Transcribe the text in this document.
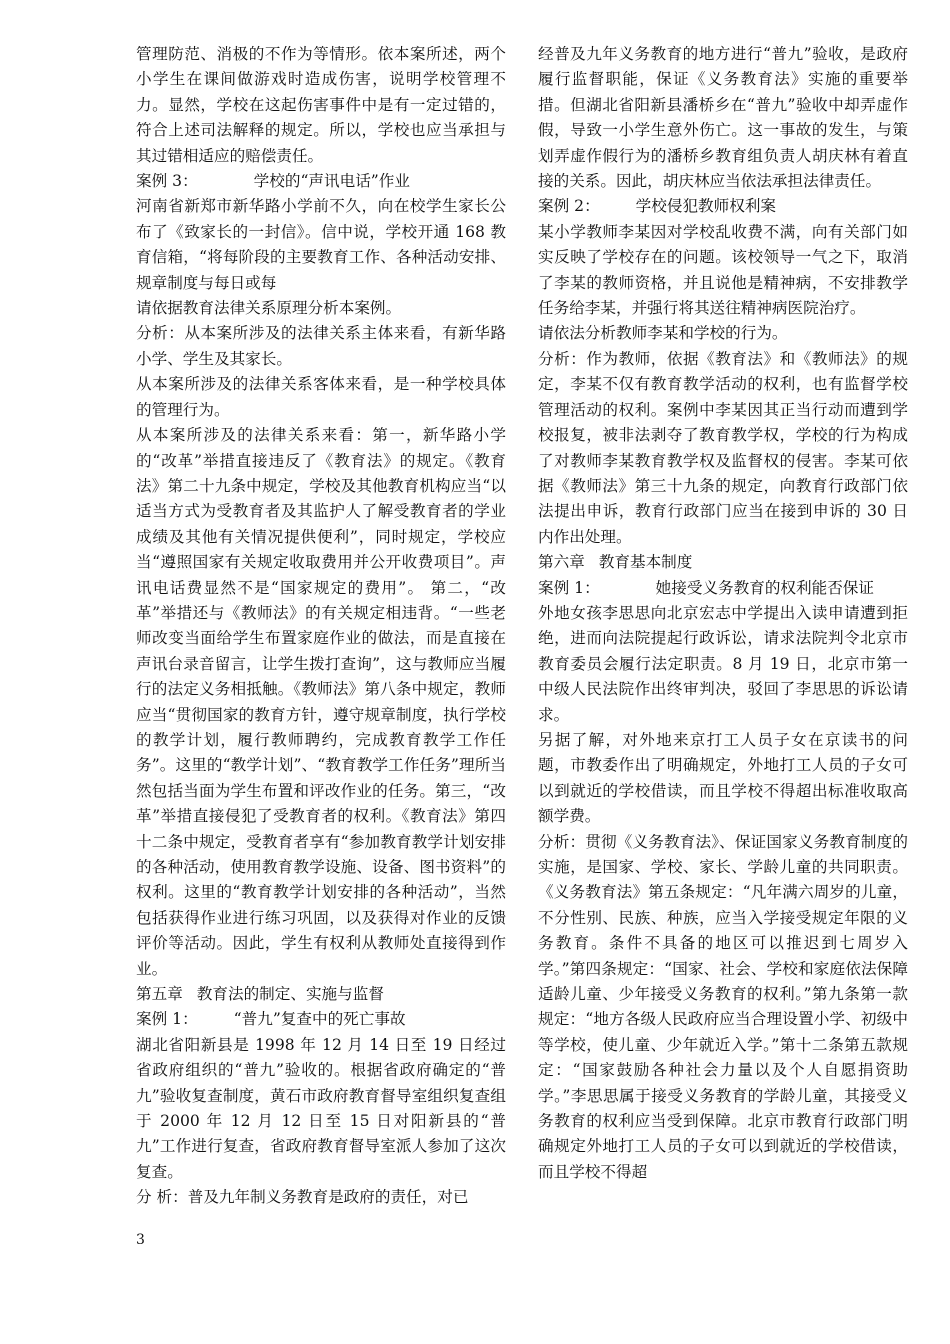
管理防范、消极的不作为等情形。依本案所述，两个小学生在课间做游戏时造成伤害，说明学校管理不力。显然，学校在这起伤害事件中是有一定过错的，符合上述司法解释的规定。所以，学校也应当承担与其过错相适应的赔偿责任。

案例 3：	学校的“声讯电话”作业

河南省新郑市新华路小学前不久，向在校学生家长公布了《致家长的一封信》。信中说，学校开通 168 教育信箱，“将每阶段的主要教育工作、各种活动安排、规章制度与每日或每

请依据教育法律关系原理分析本案例。

分析：从本案所涉及的法律关系主体来看，有新华路小学、学生及其家长。

从本案所涉及的法律关系客体来看，是一种学校具体的管理行为。

从本案所涉及的法律关系来看：第一，新华路小学的“改革”举措直接违反了《教育法》的规定。《教育法》第二十九条中规定，学校及其他教育机构应当“以适当方式为受教育者及其监护人了解受教育者的学业成绩及其他有关情况提供便利”，同时规定，学校应当“遵照国家有关规定收取费用并公开收费项目”。声讯电话费显然不是“国家规定的费用”。 第二，“改革”举措还与《教师法》的有关规定相违背。“一些老师改变当面给学生布置家庭作业的做法，而是直接在声讯台录音留言，让学生拨打查询”，这与教师应当履行的法定义务相抵触。《教师法》第八条中规定，教师应当“贯彻国家的教育方针，遵守规章制度，执行学校的教学计划，履行教师聘约，完成教育教学工作任务”。这里的“教学计划”、“教育教学工作任务”理所当然包括当面为学生布置和评改作业的任务。第三，“改革”举措直接侵犯了受教育者的权利。《教育法》第四十二条中规定，受教育者享有“参加教育教学计划安排的各种活动，使用教育教学设施、设备、图书资料”的权利。这里的“教育教学计划安排的各种活动”，当然包括获得作业进行练习巩固，以及获得对作业的反馈评价等活动。因此，学生有权利从教师处直接得到作业。

第五章 教育法的制定、实施与监督

案例 1： “普九”复查中的死亡事故

湖北省阳新县是 1998 年 12 月 14 日至 19 日经过省政府组织的“普九”验收的。根据省政府确定的“普九”验收复查制度，黄石市政府教育督导室组织复查组于 2000 年 12 月 12 日至 15 日对阳新县的“普九”工作进行复查，省政府教育督导室派人参加了这次复查。

分 析：普及九年制义务教育是政府的责任，对已

经普及九年义务教育的地方进行“普九”验收，是政府履行监督职能，保证《义务教育法》实施的重要举措。但湖北省阳新县潘桥乡在“普九”验收中却弄虚作假，导致一小学生意外伤亡。这一事故的发生，与策划弄虚作假行为的潘桥乡教育组负责人胡庆林有着直接的关系。因此，胡庆林应当依法承担法律责任。

案例 2： 学校侵犯教师权利案

某小学教师李某因对学校乱收费不满，向有关部门如实反映了学校存在的问题。该校领导一气之下，取消了李某的教师资格，并且说他是精神病，不安排教学任务给李某，并强行将其送往精神病医院治疗。

请依法分析教师李某和学校的行为。

分析：作为教师，依据《教育法》和《教师法》的规定，李某不仅有教育教学活动的权利，也有监督学校管理活动的权利。案例中李某因其正当行动而遭到学校报复，被非法剥夺了教育教学权，学校的行为构成了对教师李某教育教学权及监督权的侵害。李某可依据《教师法》第三十九条的规定，向教育行政部门依法提出申诉，教育行政部门应当在接到申诉的 30 日内作出处理。

第六章 教育基本制度

案例 1：	她接受义务教育的权利能否保证

外地女孩李思思向北京宏志中学提出入读申请遭到拒绝，进而向法院提起行政诉讼，请求法院判令北京市教育委员会履行法定职责。8 月 19 日，北京市第一中级人民法院作出终审判决，驳回了李思思的诉讼请求。

另据了解，对外地来京打工人员子女在京读书的问题，市教委作出了明确规定，外地打工人员的子女可以到就近的学校借读，而且学校不得超出标准收取高额学费。

分析：贯彻《义务教育法》、保证国家义务教育制度的实施，是国家、学校、家长、学龄儿童的共同职责。《义务教育法》第五条规定：“凡年满六周岁的儿童，不分性别、民族、种族，应当入学接受规定年限的义务教育。条件不具备的地区可以推迟到七周岁入学。”第四条规定：“国家、社会、学校和家庭依法保障适龄儿童、少年接受义务教育的权利。”第九条第一款规定：“地方各级人民政府应当合理设置小学、初级中等学校，使儿童、少年就近入学。”第十二条第五款规定：“国家鼓励各种社会力量以及个人自愿捐资助学。”李思思属于接受义务教育的学龄儿童，其接受义务教育的权利应当受到保障。北京市教育行政部门明确规定外地打工人员的子女可以到就近的学校借读，而且学校不得超

3
